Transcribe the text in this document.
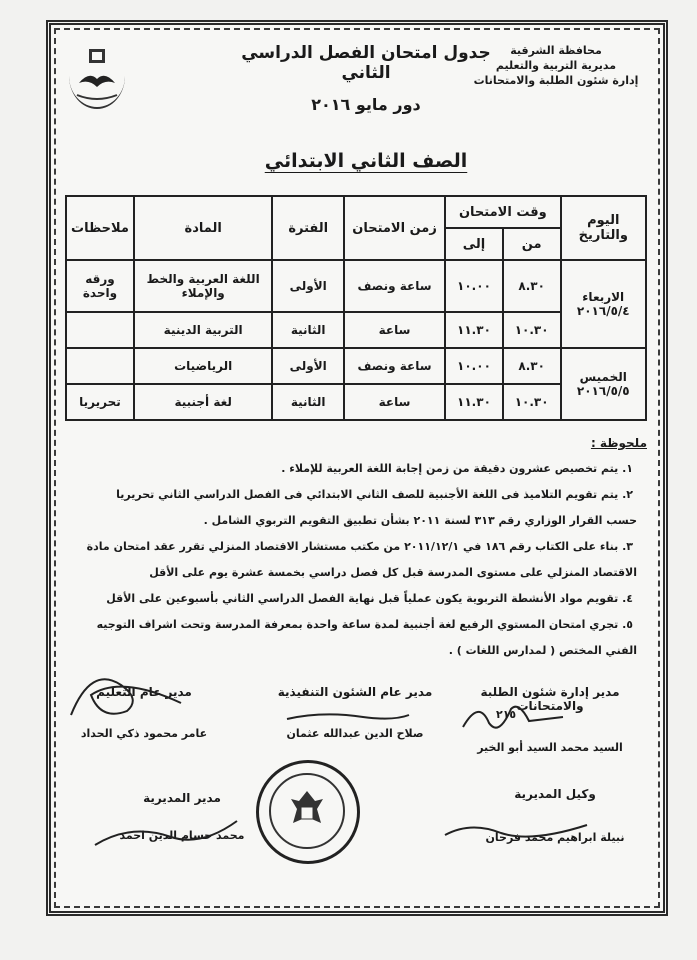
محافظة الشرقية
مديرية التربية والتعليم
إدارة شئون الطلبة والامتحانات
جدول امتحان الفصل الدراسي الثاني
دور مايو ٢٠١٦
الصف الثاني الابتدائي
اليوم والتاريخ	وقت الامتحان		زمن الامتحان	الفترة	المادة	ملاحظات
	من	إلى				

الاربعاء
٢٠١٦/٥/٤	٨.٣٠	١٠.٠٠	ساعة ونصف	الأولى	اللغة العربية والخط والإملاء	ورقه واحدة
	١٠.٣٠	١١.٣٠	ساعة	الثانية	التربية الدينية	

الخميس
٢٠١٦/٥/٥	٨.٣٠	١٠.٠٠	ساعة ونصف	الأولى	الرياضيات	
	١٠.٣٠	١١.٣٠	ساعة	الثانية	لغة أجنبية	تحريريا
ملحوظة :
١. يتم تخصيص عشرون دقيقة من زمن إجابة اللغة العربية للإملاء .
٢. يتم تقويم التلاميذ فى اللغة الأجنبية للصف الثاني الابتدائي فى الفصل الدراسي الثاني تحريريا
حسب القرار الوزاري رقم ٣١٣ لسنة ٢٠١١ بشأن تطبيق التقويم التربوي الشامل .
٣. بناء على الكتاب رقم ١٨٦ في ٢٠١١/١٢/١ من مكتب مستشار الاقتصاد المنزلي تقرر عقد امتحان مادة
الاقتصاد المنزلي على مستوى المدرسة قبل كل فصل دراسي بخمسة عشرة يوم على الأقل
٤. تقويم مواد الأنشطة التربوية يكون عملياً قبل نهاية الفصل الدراسي الثاني بأسبوعين على الأقل
٥. تجري امتحان المستوي الرفيع لغة أجنبية لمدة ساعة واحدة بمعرفة المدرسة وتحت اشراف التوجيه
الفني المختص ( لمدارس اللغات ) .
مدير إدارة شئون الطلبة والامتحانات
السيد محمد السيد أبو الخير
٢١٥
مدير عام الشئون التنفيذية
صلاح الدين عبدالله عثمان
مدير عام التعليم
عامر محمود ذكي الحداد
وكيل المديرية
نبيلة ابراهيم محمد فرحان
مدير المديرية
محمد حسام الدين احمد
